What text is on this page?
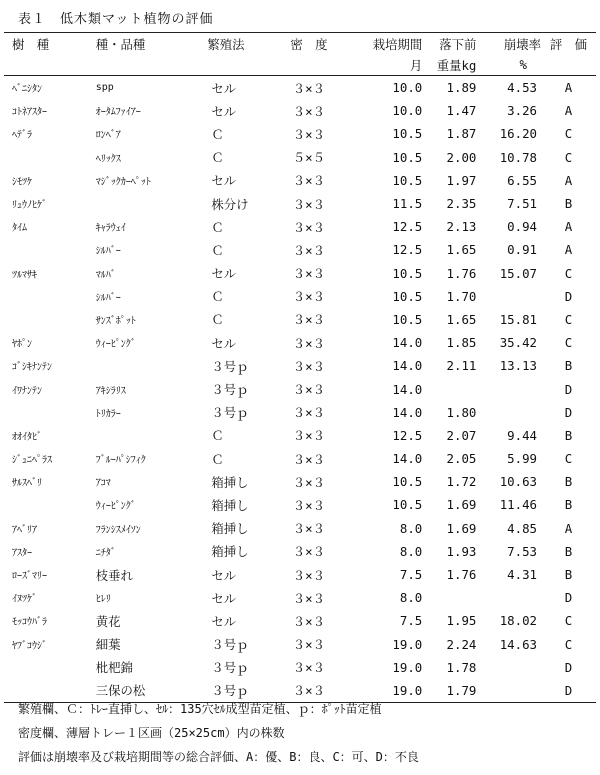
表１　低木類マット植物の評価
樹　種	種・品種	繁殖法	密　度	栽培期間	落下前	崩壊率	評　価
				月	重量kg	%	
ﾍﾞﾆｼﾀﾝ	spp	セル	３×３	10.0	1.89	4.53	A
ｺﾄﾈｱｽﾀｰ	ｵｰﾀﾑﾌｧｲｱｰ	セル	３×３	10.0	1.47	3.26	A
ﾍﾃﾞﾗ	ﾛﾝﾍﾞｱ	Ｃ	３×３	10.5	1.87	16.20	C
	ﾍﾘｯｸｽ	Ｃ	５×５	10.5	2.00	10.78	C
ｼﾓﾂｹ	ﾏｼﾞｯｸｶｰﾍﾟｯﾄ	セル	３×３	10.5	1.97	6.55	A
ﾘｭｳﾉﾋｹﾞ		株分け	３×３	11.5	2.35	7.51	B
ﾀｲﾑ	ｷｬﾗｳｪｲ	Ｃ	３×３	12.5	2.13	0.94	A
	ｼﾙﾊﾞｰ	Ｃ	３×３	12.5	1.65	0.91	A
ﾂﾙﾏｻｷ	ﾏﾙﾊﾞ	セル	３×３	10.5	1.76	15.07	C
	ｼﾙﾊﾞｰ	Ｃ	３×３	10.5	1.70		D
	ｻﾝｽﾞﾎﾟｯﾄ	Ｃ	３×３	10.5	1.65	15.81	C
ﾔﾎﾟﾝ	ｳｨｰﾋﾟﾝｸﾞ	セル	３×３	14.0	1.85	35.42	C
ｺﾞｼｷﾅﾝﾃﾝ		３号ｐ	３×３	14.0	2.11	13.13	B
ｲﾜﾅﾝﾃﾝ	ｱｷｼﾗﾘｽ	３号ｐ	３×３	14.0			D
	ﾄﾘｶﾗｰ	３号ｐ	３×３	14.0	1.80		D
ｵｵｲﾀﾋﾞ		Ｃ	３×３	12.5	2.07	9.44	B
ｼﾞｭﾆﾍﾟﾗｽ	ﾌﾞﾙｰﾊﾟｼﾌｨｸ	Ｃ	３×３	14.0	2.05	5.99	C
ｻﾙｽﾍﾞﾘ	ｱｺﾏ	箱挿し	３×３	10.5	1.72	10.63	B
	ｳｨｰﾋﾟﾝｸﾞ	箱挿し	３×３	10.5	1.69	11.46	B
ｱﾍﾞﾘｱ	ﾌﾗﾝｼｽﾒｲｿﾝ	箱挿し	３×３	8.0	1.69	4.85	A
ｱｽﾀｰ	ﾆﾁﾀﾞ	箱挿し	３×３	8.0	1.93	7.53	B
ﾛｰｽﾞﾏﾘｰ	枝垂れ	セル	３×３	7.5	1.76	4.31	B
ｲﾇﾂｹﾞ	ﾋﾚﾘ	セル	３×３	8.0			D
ﾓｯｺｳﾊﾞﾗ	黄花	セル	３×３	7.5	1.95	18.02	C
ﾔﾌﾞｺｳｼﾞ	細葉	３号ｐ	３×３	19.0	2.24	14.63	C
	枇杷錦	３号ｐ	３×３	19.0	1.78		D
	三保の松	３号ｐ	３×３	19.0	1.79		D
繁殖欄、Ｃ：ﾄﾚｰ直挿し、ｾﾙ：135穴ｾﾙ成型苗定植、ｐ：ﾎﾟｯﾄ苗定植
密度欄、薄層トレー１区画（25×25cm）内の株数
評価は崩壊率及び栽培期間等の総合評価、A：優、B：良、C：可、D：不良
